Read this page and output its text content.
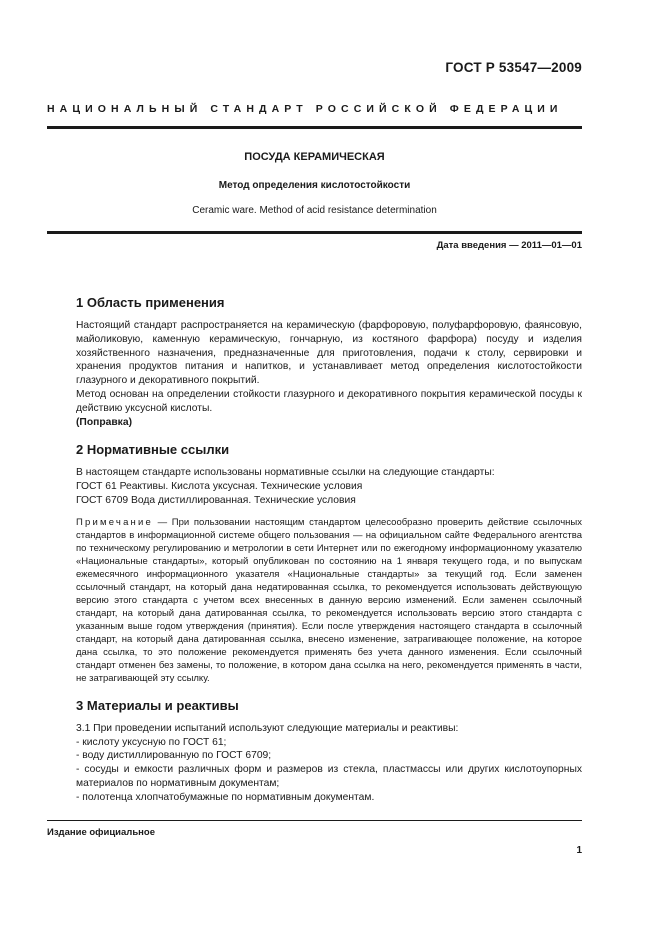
ГОСТ Р 53547—2009
НАЦИОНАЛЬНЫЙ СТАНДАРТ РОССИЙСКОЙ ФЕДЕРАЦИИ
ПОСУДА КЕРАМИЧЕСКАЯ
Метод определения кислотостойкости
Ceramic ware. Method of acid resistance determination
Дата введения — 2011—01—01
1 Область применения

Настоящий стандарт распространяется на керамическую (фарфоровую, полуфарфоровую, фаянсовую, майоликовую, каменную керамическую, гончарную, из костяного фарфора) посуду и изделия хозяйственного назначения, предназначенные для приготовления, подачи к столу, сервировки и хранения продуктов питания и напитков, и устанавливает метод определения кислотостойкости глазурного и декоративного покрытий.

Метод основан на определении стойкости глазурного и декоративного покрытия керамической посуды к действию уксусной кислоты.

(Поправка)

2 Нормативные ссылки

В настоящем стандарте использованы нормативные ссылки на следующие стандарты:

ГОСТ 61 Реактивы. Кислота уксусная. Технические условия

ГОСТ 6709 Вода дистиллированная. Технические условия

Примечание — При пользовании настоящим стандартом целесообразно проверить действие ссылочных стандартов в информационной системе общего пользования — на официальном сайте Федерального агентства по техническому регулированию и метрологии в сети Интернет или по ежегодному информационному указателю «Национальные стандарты», который опубликован по состоянию на 1 января текущего года, и по выпускам ежемесячного информационного указателя «Национальные стандарты» за текущий год. Если заменен ссылочный стандарт, на который дана недатированная ссылка, то рекомендуется использовать действующую версию этого стандарта с учетом всех внесенных в данную версию изменений. Если заменен ссылочный стандарт, на который дана датированная ссылка, то рекомендуется использовать версию этого стандарта с указанным выше годом утверждения (принятия). Если после утверждения настоящего стандарта в ссылочный стандарт, на который дана датированная ссылка, внесено изменение, затрагивающее положение, на которое дана ссылка, то это положение рекомендуется применять без учета данного изменения. Если ссылочный стандарт отменен без замены, то положение, в котором дана ссылка на него, рекомендуется применять в части, не затрагивающей эту ссылку.
3 Материалы и реактивы

3.1 При проведении испытаний используют следующие материалы и реактивы:

- кислоту уксусную по ГОСТ 61;

- воду дистиллированную по ГОСТ 6709;

- сосуды и емкости различных форм и размеров из стекла, пластмассы или других кислотоупорных материалов по нормативным документам;

- полотенца хлопчатобумажные по нормативным документам.

Издание официальное
1
